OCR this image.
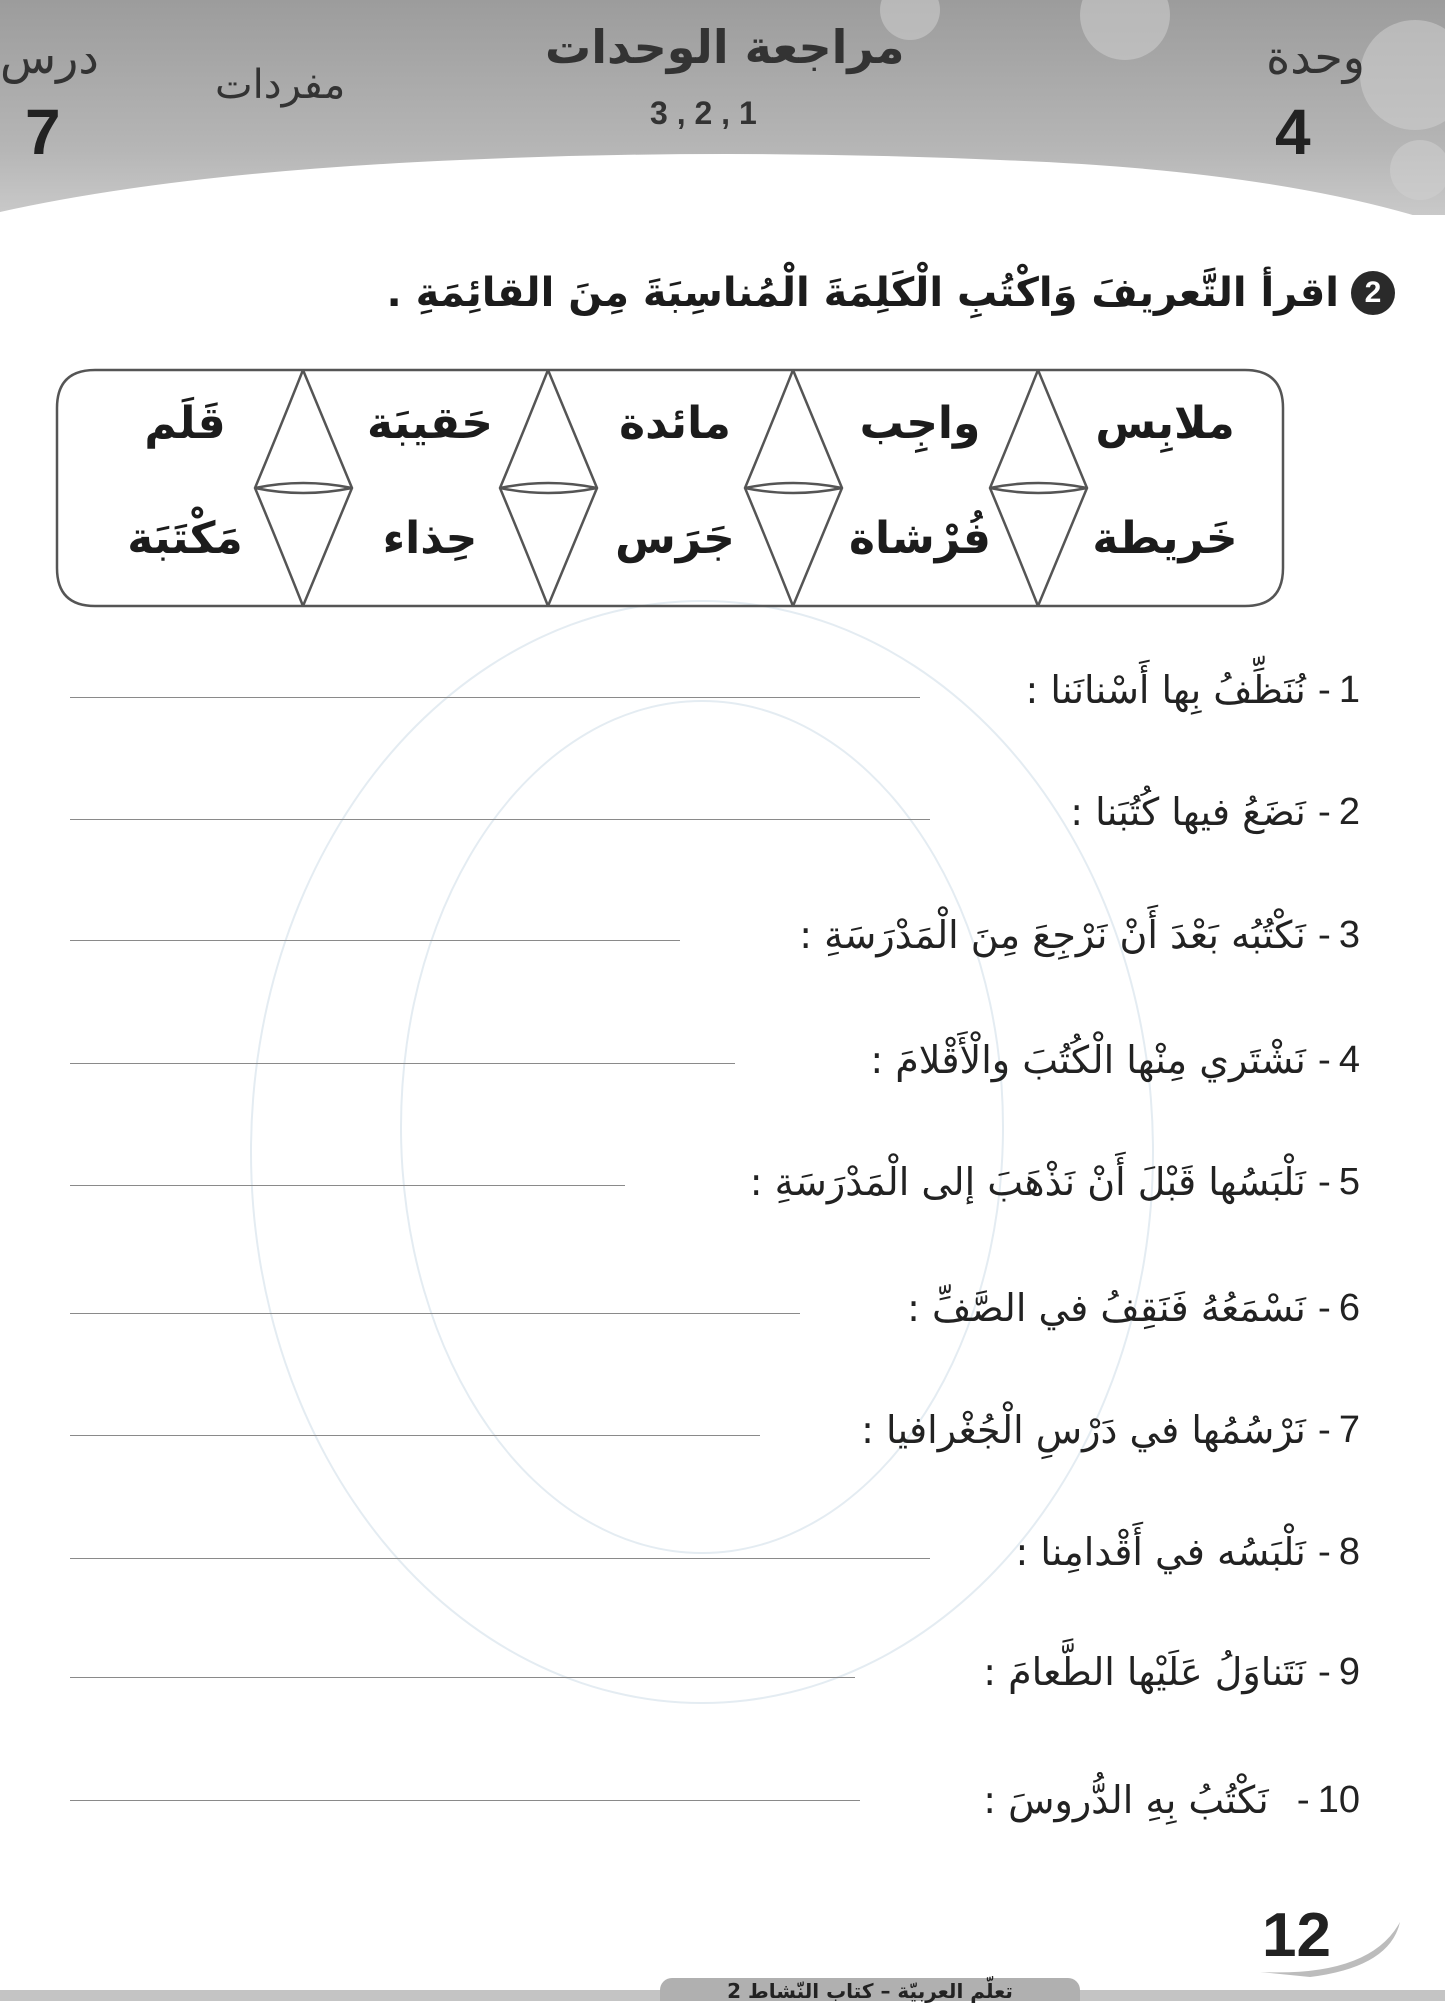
وحدة
4
مراجعة الوحدات
3 , 2 , 1
مفردات
درس
7
2
اقرأ التَّعريفَ وَاكْتُبِ الْكَلِمَةَ الْمُناسِبَةَ مِنَ القائِمَةِ .
ملابِس
واجِب
مائدة
حَقيبَة
قَلَم
خَريطة
فُرْشاة
جَرَس
حِذاء
مَكْتَبَة
1
-
نُنَظِّفُ بِها أَسْنانَنا :
2
-
نَضَعُ فيها كُتُبَنا :
3
-
نَكْتُبُه بَعْدَ أَنْ نَرْجِعَ مِنَ الْمَدْرَسَةِ :
4
-
نَشْتَري مِنْها الْكُتُبَ والْأَقْلامَ :
5
-
نَلْبَسُها قَبْلَ أَنْ نَذْهَبَ إلى الْمَدْرَسَةِ :
6
-
نَسْمَعُهُ فَنَقِفُ في الصَّفِّ :
7
-
نَرْسُمُها في دَرْسِ الْجُغْرافيا :
8
-
نَلْبَسُه في أَقْدامِنا :
9
-
نَتَناوَلُ عَلَيْها الطَّعامَ :
10
-
نَكْتُبُ بِهِ الدُّروسَ :
12
تعلّم العربيّة – كتاب النّشاط 2
